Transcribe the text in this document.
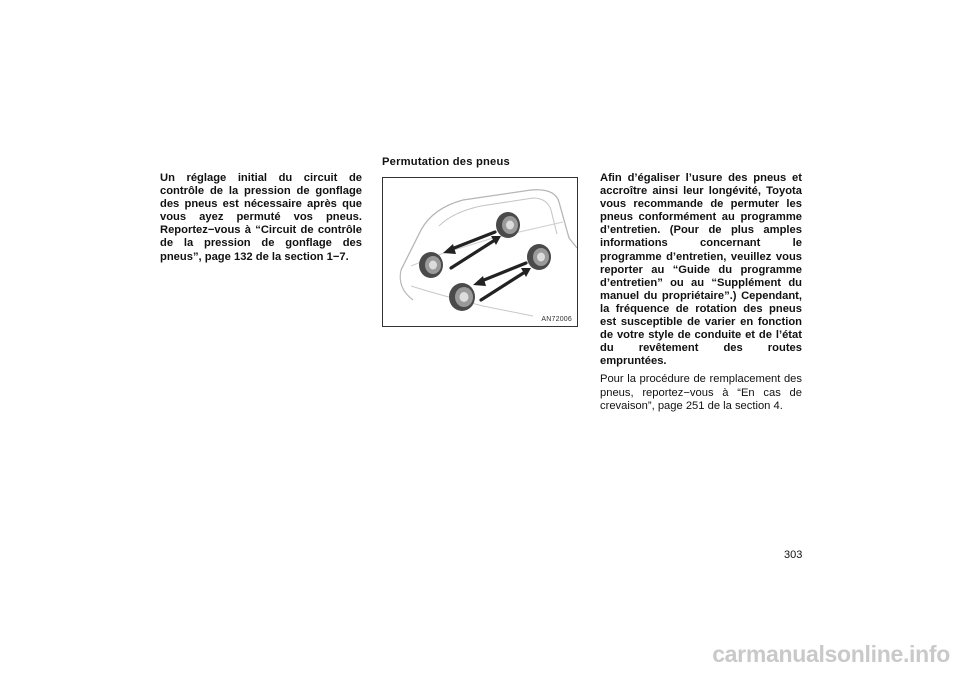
Un réglage initial du circuit de contrôle de la pression de gonflage des pneus est nécessaire après que vous ayez permuté vos pneus. Reportez−vous à “Circuit de contrôle de la pression de gonflage des pneus”, page 132 de la section 1−7.
Permutation des pneus
AN72006

Afin d’égaliser l’usure des pneus et accroître ainsi leur longévité, Toyota vous recommande de permuter les pneus conformément au programme d’entretien. (Pour de plus amples informations concernant le programme d’entretien, veuillez vous reporter au “Guide du programme d’entretien” ou au “Supplément du manuel du propriétaire”.) Cependant, la fréquence de rotation des pneus est susceptible de varier en fonction de votre style de conduite et de l’état du revêtement des routes empruntées.

Pour la procédure de remplacement des pneus, reportez−vous à “En cas de crevaison”, page 251 de la section 4.

303
carmanualsonline.info
